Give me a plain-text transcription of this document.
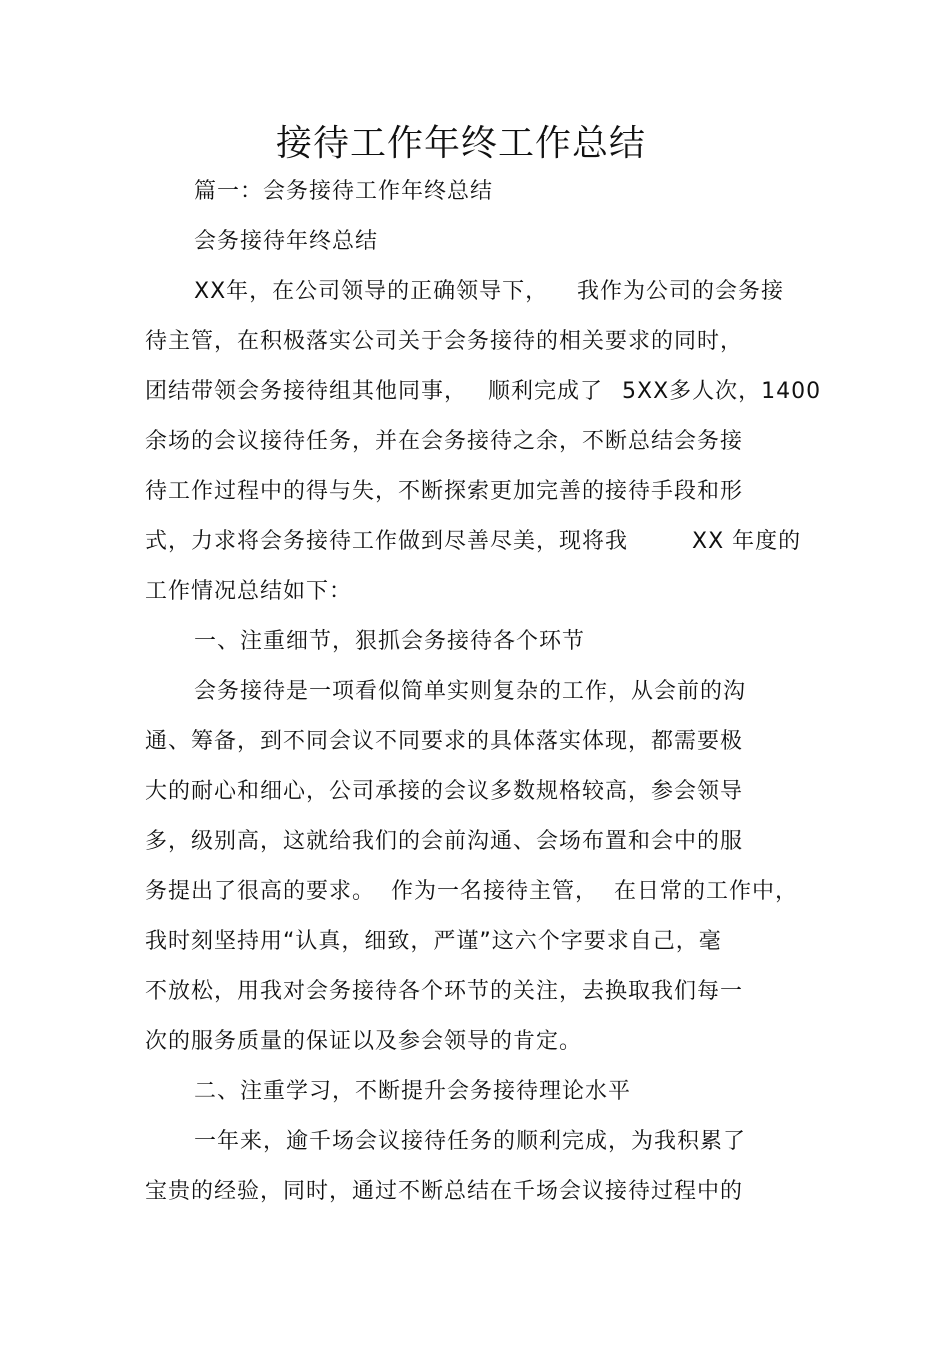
接待工作年终工作总结
篇一：会务接待工作年终总结
会务接待年终总结
XX年，在公司领导的正确领导下， 我作为公司的会务接
待主管，在积极落实公司关于会务接待的相关要求的同时，
团结带领会务接待组其他同事， 顺利完成了 5XX多人次，1400
余场的会议接待任务，并在会务接待之余，不断总结会务接
待工作过程中的得与失，不断探索更加完善的接待手段和形
式，力求将会务接待工作做到尽善尽美，现将我	XX 年度的
工作情况总结如下：
一、注重细节，狠抓会务接待各个环节
会务接待是一项看似简单实则复杂的工作，从会前的沟
通、筹备，到不同会议不同要求的具体落实体现，都需要极
大的耐心和细心，公司承接的会议多数规格较高，参会领导
多，级别高，这就给我们的会前沟通、会场布置和会中的服
务提出了很高的要求。 作为一名接待主管， 在日常的工作中，
我时刻坚持用“认真，细致，严谨”这六个字要求自己，毫
不放松，用我对会务接待各个环节的关注，去换取我们每一
次的服务质量的保证以及参会领导的肯定。
二、注重学习，不断提升会务接待理论水平
一年来，逾千场会议接待任务的顺利完成，为我积累了
宝贵的经验，同时，通过不断总结在千场会议接待过程中的
